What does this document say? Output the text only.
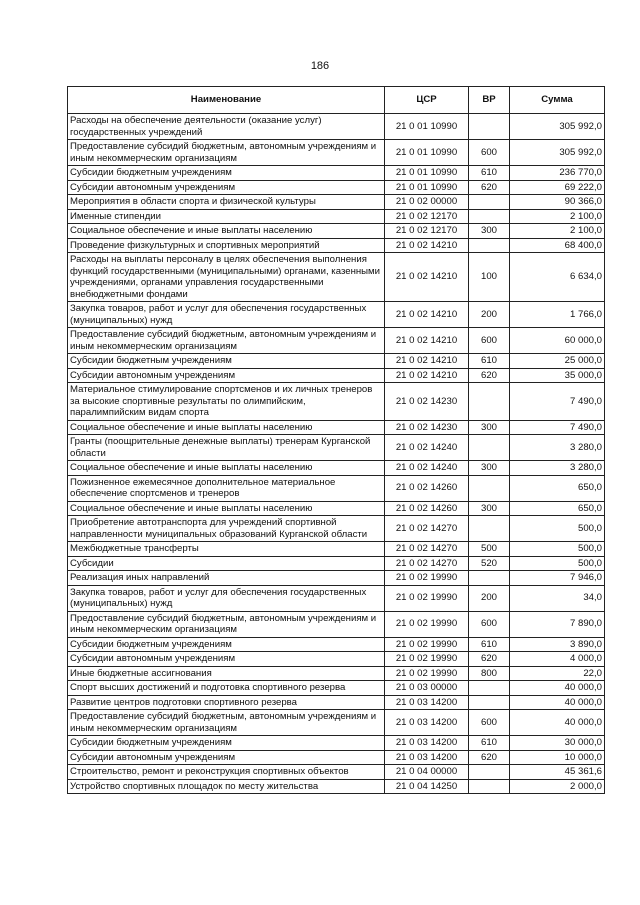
186
Наименование	ЦСР	ВР	Сумма
Расходы на обеспечение деятельности (оказание услуг) государственных учреждений	21 0 01 10990		305 992,0
Предоставление субсидий бюджетным, автономным учреждениям и иным некоммерческим организациям	21 0 01 10990	600	305 992,0
Субсидии бюджетным учреждениям	21 0 01 10990	610	236 770,0
Субсидии автономным учреждениям	21 0 01 10990	620	69 222,0
Мероприятия в области спорта и физической культуры	21 0 02 00000		90 366,0
Именные стипендии	21 0 02 12170		2 100,0
Социальное обеспечение и иные выплаты населению	21 0 02 12170	300	2 100,0
Проведение физкультурных и спортивных мероприятий	21 0 02 14210		68 400,0
Расходы на выплаты персоналу в целях обеспечения выполнения функций государственными (муниципальными) органами, казенными учреждениями, органами управления государственными внебюджетными фондами	21 0 02 14210	100	6 634,0
Закупка товаров, работ и услуг для обеспечения государственных (муниципальных) нужд	21 0 02 14210	200	1 766,0
Предоставление субсидий бюджетным, автономным учреждениям и иным некоммерческим организациям	21 0 02 14210	600	60 000,0
Субсидии бюджетным учреждениям	21 0 02 14210	610	25 000,0
Субсидии автономным учреждениям	21 0 02 14210	620	35 000,0
Материальное стимулирование спортсменов и их личных тренеров за высокие спортивные результаты по олимпийским, паралимпийским видам спорта	21 0 02 14230		7 490,0
Социальное обеспечение и иные выплаты населению	21 0 02 14230	300	7 490,0
Гранты (поощрительные денежные выплаты) тренерам Курганской области	21 0 02 14240		3 280,0
Социальное обеспечение и иные выплаты населению	21 0 02 14240	300	3 280,0
Пожизненное ежемесячное дополнительное материальное обеспечение спортсменов и тренеров	21 0 02 14260		650,0
Социальное обеспечение и иные выплаты населению	21 0 02 14260	300	650,0
Приобретение автотранспорта для учреждений спортивной направленности муниципальных образований Курганской области	21 0 02 14270		500,0
Межбюджетные трансферты	21 0 02 14270	500	500,0
Субсидии	21 0 02 14270	520	500,0
Реализация иных направлений	21 0 02 19990		7 946,0
Закупка товаров, работ и услуг для обеспечения государственных (муниципальных) нужд	21 0 02 19990	200	34,0
Предоставление субсидий бюджетным, автономным учреждениям и иным некоммерческим организациям	21 0 02 19990	600	7 890,0
Субсидии бюджетным учреждениям	21 0 02 19990	610	3 890,0
Субсидии автономным учреждениям	21 0 02 19990	620	4 000,0
Иные бюджетные ассигнования	21 0 02 19990	800	22,0
Спорт высших достижений и подготовка спортивного резерва	21 0 03 00000		40 000,0
Развитие центров подготовки спортивного резерва	21 0 03 14200		40 000,0
Предоставление субсидий бюджетным, автономным учреждениям и иным некоммерческим организациям	21 0 03 14200	600	40 000,0
Субсидии бюджетным учреждениям	21 0 03 14200	610	30 000,0
Субсидии автономным учреждениям	21 0 03 14200	620	10 000,0
Строительство, ремонт и реконструкция спортивных объектов	21 0 04 00000		45 361,6
Устройство спортивных площадок по месту жительства	21 0 04 14250		2 000,0
